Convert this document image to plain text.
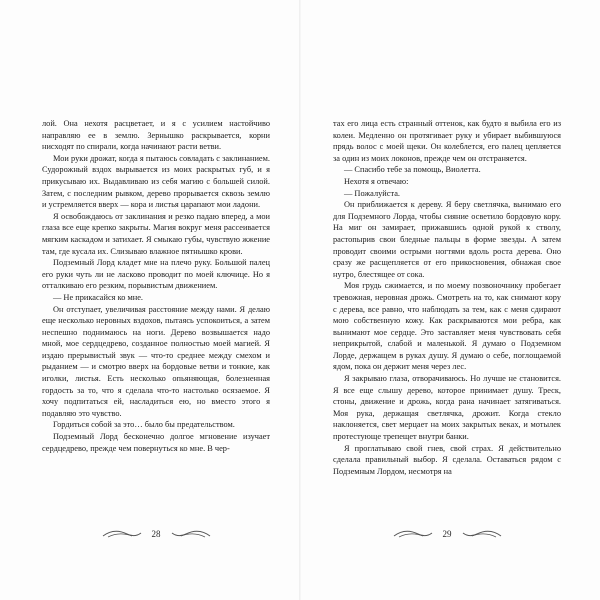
лой. Она нехотя расцветает, и я с усилием настойчиво направляю ее в землю. Зернышко раскрывается, корни нисходят по спирали, когда начинают расти ветви.

Мои руки дрожат, когда я пытаюсь совладать с заклинанием. Судорожный вздох вырывается из моих раскрытых губ, и я прикусываю их. Выдавливаю из себя магию с большей силой. Затем, с последним рывком, дерево прорывается сквозь землю и устремляется вверх — кора и листья царапают мои ладони.

Я освобождаюсь от заклинания и резко падаю вперед, а мои глаза все еще крепко закрыты. Магия вокруг меня рассеивается мягким каскадом и затихает. Я смыкаю губы, чувствую жжение там, где кусала их. Слизываю влажное пятнышко крови.

Подземный Лорд кладет мне на плечо руку. Большой палец его руки чуть ли не ласково проводит по моей ключице. Но я отталкиваю его резким, порывистым движением.

— Не прикасайся ко мне.

Он отступает, увеличивая расстояние между нами. Я делаю еще несколько неровных вздохов, пытаясь успокоиться, а затем неспешно поднимаюсь на ноги. Дерево возвышается надо мной, мое сердцедрево, созданное полностью моей магией. Я издаю прерывистый звук — что-то среднее между смехом и рыданием — и смотрю вверх на бордовые ветви и тонкие, как иголки, листья. Есть несколько опьяняющая, болезненная гордость за то, что я сделала что-то настолько осязаемое. Я хочу подпитаться ей, насладиться ею, но вместо этого я подавляю это чувство.

Гордиться собой за это… было бы предательством.

Подземный Лорд бесконечно долгое мгновение изучает сердцедрево, прежде чем повернуться ко мне. В чер-

28

тах его лица есть странный оттенок, как будто я выбила его из колеи. Медленно он протягивает руку и убирает выбившуюся прядь волос с моей щеки. Он колеблется, его палец цепляется за один из моих локонов, прежде чем он отстраняется.

— Спасибо тебе за помощь, Виолетта.

Нехотя я отвечаю:

— Пожалуйста.

Он приближается к дереву. Я беру светлячка, вынимаю его для Подземного Лорда, чтобы сияние осветило бордовую кору. На миг он замирает, прижавшись одной рукой к стволу, растопырив свои бледные пальцы в форме звезды. А затем проводит своими острыми ногтями вдоль роста дерева. Оно сразу же расщепляется от его прикосновения, обнажая свое нутро, блестящее от сока.

Моя грудь сжимается, и по моему позвоночнику пробегает тревожная, неровная дрожь. Смотреть на то, как снимают кору с дерева, все равно, что наблюдать за тем, как с меня сдирают мою собственную кожу. Как раскрываются мои ребра, как вынимают мое сердце. Это заставляет меня чувствовать себя неприкрытой, слабой и маленькой. Я думаю о Подземном Лорде, держащем в руках душу. Я думаю о себе, поглощаемой ядом, пока он держит меня через лес.

Я закрываю глаза, отворачиваюсь. Но лучше не становится. Я все еще слышу дерево, которое принимает душу. Треск, стоны, движение и дрожь, когда рана начинает затягиваться. Моя рука, держащая светлячка, дрожит. Когда стекло наклоняется, свет мерцает на моих закрытых веках, и мотылек протестующе трепещет внутри банки.

Я проглатываю свой гнев, свой страх. Я действительно сделала правильный выбор. Я сделала. Оставаться рядом с Подземным Лордом, несмотря на

29
